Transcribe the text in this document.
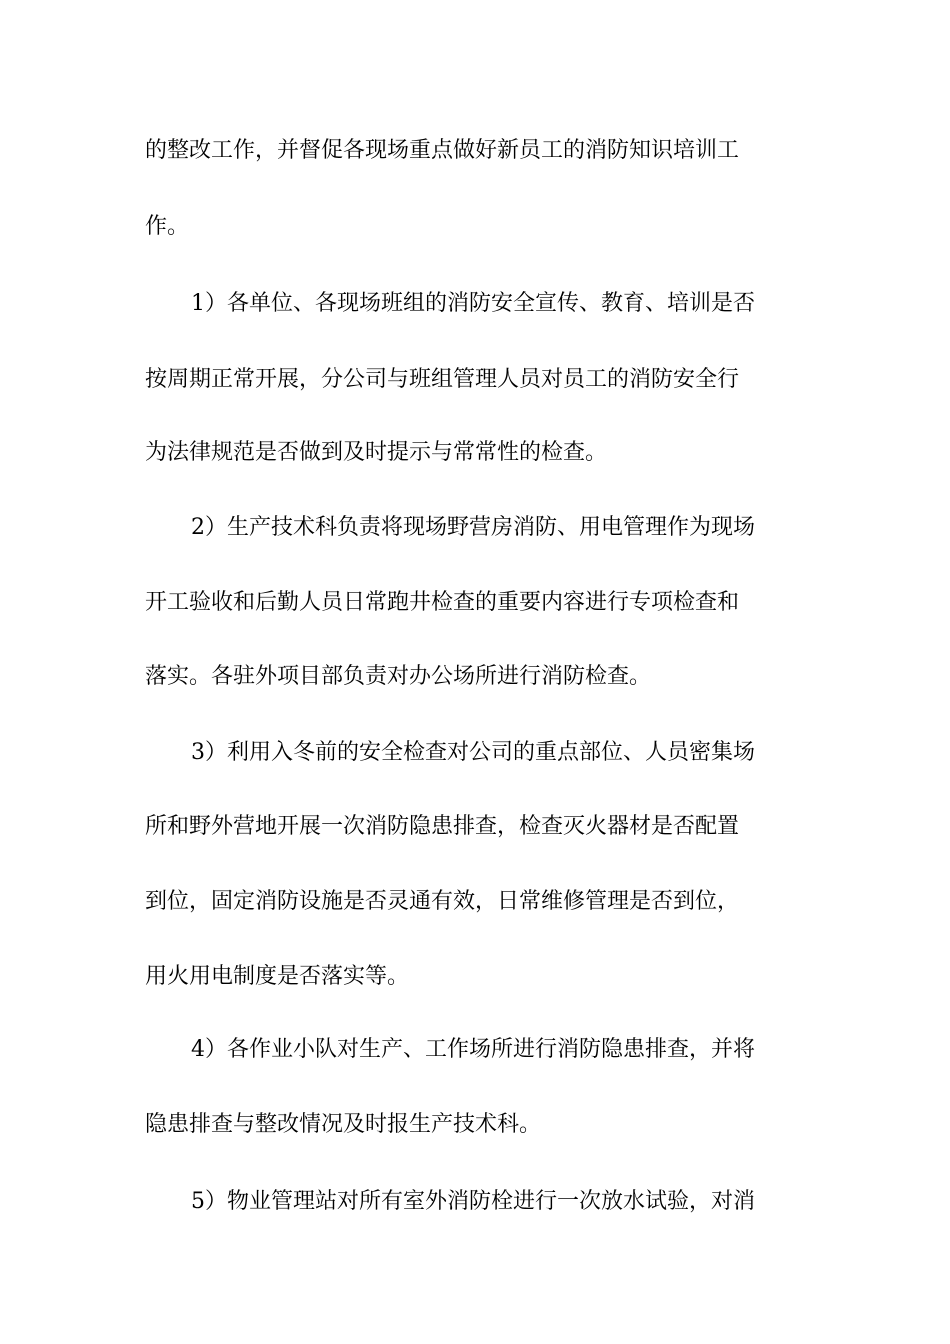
的整改工作，并督促各现场重点做好新员工的消防知识培训工
作。
1）各单位、各现场班组的消防安全宣传、教育、培训是否
按周期正常开展，分公司与班组管理人员对员工的消防安全行
为法律规范是否做到及时提示与常常性的检查。
2）生产技术科负责将现场野营房消防、用电管理作为现场
开工验收和后勤人员日常跑井检查的重要内容进行专项检查和
落实。各驻外项目部负责对办公场所进行消防检查。
3）利用入冬前的安全检查对公司的重点部位、人员密集场
所和野外营地开展一次消防隐患排查，检查灭火器材是否配置
到位，固定消防设施是否灵通有效，日常维修管理是否到位，
用火用电制度是否落实等。
4）各作业小队对生产、工作场所进行消防隐患排查，并将
隐患排查与整改情况及时报生产技术科。
5）物业管理站对所有室外消防栓进行一次放水试验，对消
